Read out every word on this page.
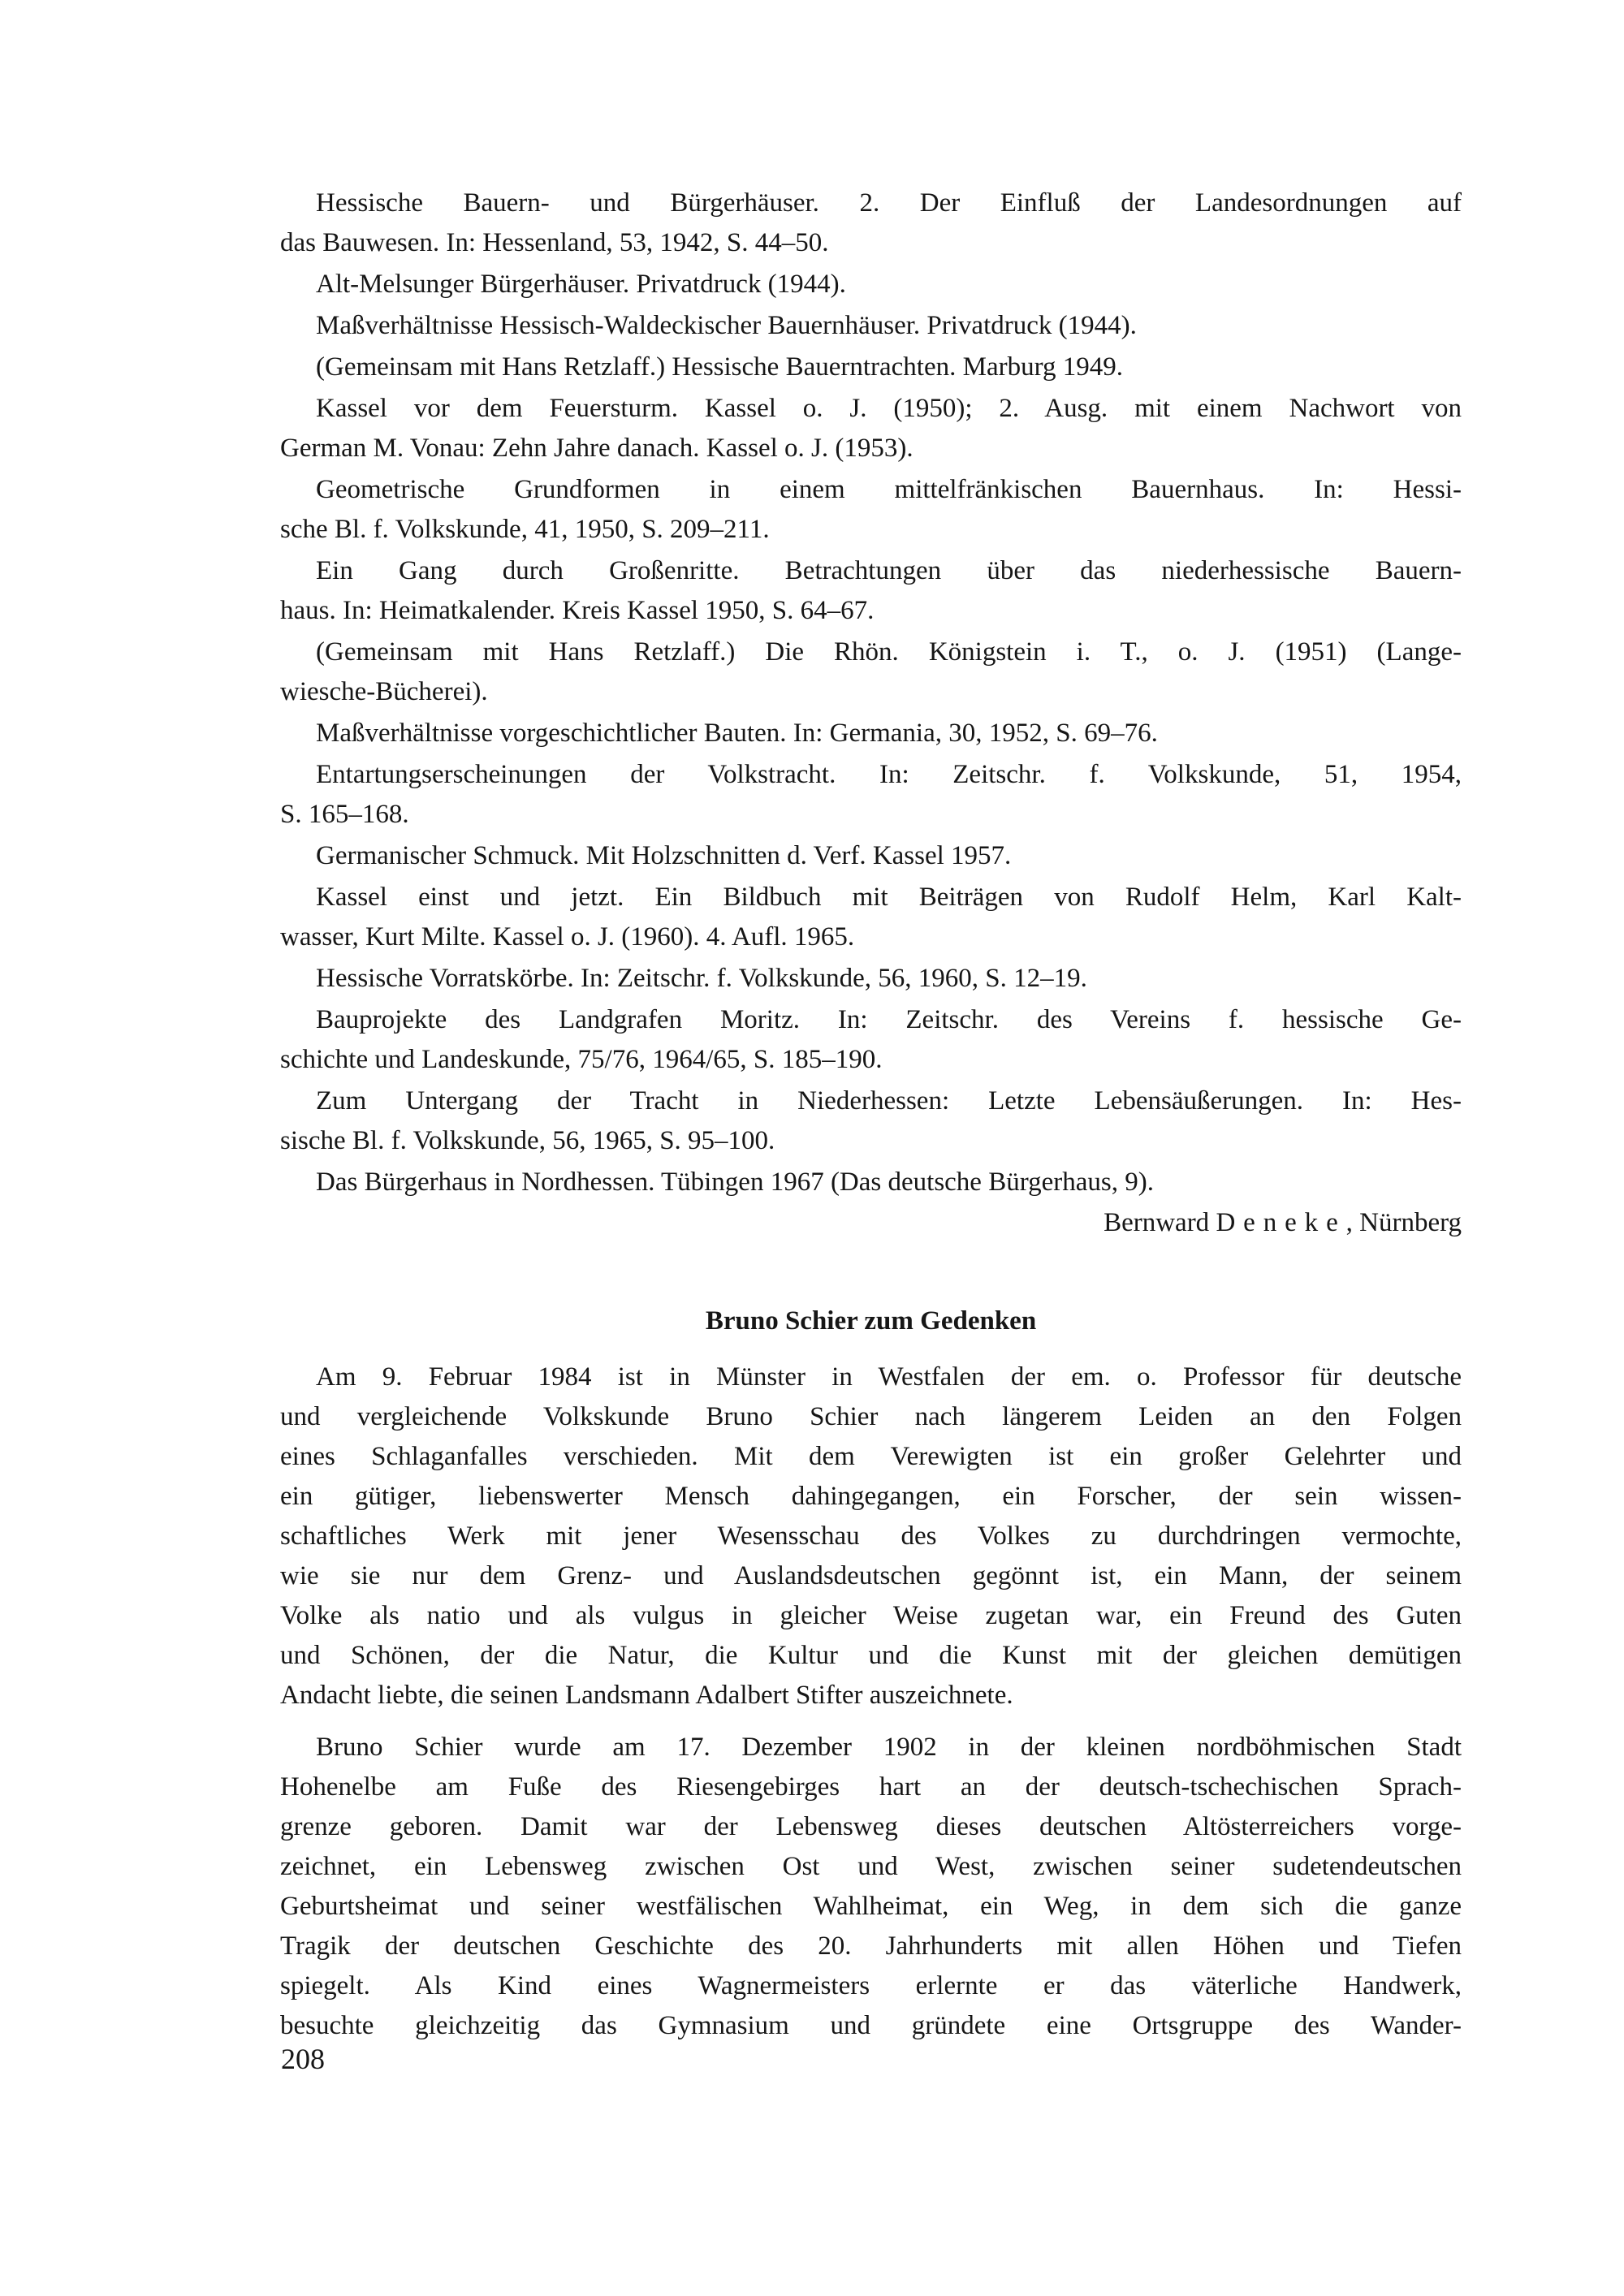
Hessische Bauern- und Bürgerhäuser. 2. Der Einfluß der Landesordnungen auf
das Bauwesen. In: Hessenland, 53, 1942, S. 44–50.
Alt-Melsunger Bürgerhäuser. Privatdruck (1944).
Maßverhältnisse Hessisch-Waldeckischer Bauernhäuser. Privatdruck (1944).
(Gemeinsam mit Hans Retzlaff.) Hessische Bauerntrachten. Marburg 1949.
Kassel vor dem Feuersturm. Kassel o. J. (1950); 2. Ausg. mit einem Nachwort von
German M. Vonau: Zehn Jahre danach. Kassel o. J. (1953).
Geometrische Grundformen in einem mittelfränkischen Bauernhaus. In: Hessi-
sche Bl. f. Volkskunde, 41, 1950, S. 209–211.
Ein Gang durch Großenritte. Betrachtungen über das niederhessische Bauern-
haus. In: Heimatkalender. Kreis Kassel 1950, S. 64–67.
(Gemeinsam mit Hans Retzlaff.) Die Rhön. Königstein i. T., o. J. (1951) (Lange-
wiesche-Bücherei).
Maßverhältnisse vorgeschichtlicher Bauten. In: Germania, 30, 1952, S. 69–76.
Entartungserscheinungen der Volkstracht. In: Zeitschr. f. Volkskunde, 51, 1954,
S. 165–168.
Germanischer Schmuck. Mit Holzschnitten d. Verf. Kassel 1957.
Kassel einst und jetzt. Ein Bildbuch mit Beiträgen von Rudolf Helm, Karl Kalt-
wasser, Kurt Milte. Kassel o. J. (1960). 4. Aufl. 1965.
Hessische Vorratskörbe. In: Zeitschr. f. Volkskunde, 56, 1960, S. 12–19.
Bauprojekte des Landgrafen Moritz. In: Zeitschr. des Vereins f. hessische Ge-
schichte und Landeskunde, 75/76, 1964/65, S. 185–190.
Zum Untergang der Tracht in Niederhessen: Letzte Lebensäußerungen. In: Hes-
sische Bl. f. Volkskunde, 56, 1965, S. 95–100.
Das Bürgerhaus in Nordhessen. Tübingen 1967 (Das deutsche Bürgerhaus, 9).
Bernward Deneke, Nürnberg
Bruno Schier zum Gedenken
Am 9. Februar 1984 ist in Münster in Westfalen der em. o. Professor für deutsche
und vergleichende Volkskunde Bruno Schier nach längerem Leiden an den Folgen
eines Schlaganfalles verschieden. Mit dem Verewigten ist ein großer Gelehrter und
ein gütiger, liebenswerter Mensch dahingegangen, ein Forscher, der sein wissen-
schaftliches Werk mit jener Wesensschau des Volkes zu durchdringen vermochte,
wie sie nur dem Grenz- und Auslandsdeutschen gegönnt ist, ein Mann, der seinem
Volke als natio und als vulgus in gleicher Weise zugetan war, ein Freund des Guten
und Schönen, der die Natur, die Kultur und die Kunst mit der gleichen demütigen
Andacht liebte, die seinen Landsmann Adalbert Stifter auszeichnete.
Bruno Schier wurde am 17. Dezember 1902 in der kleinen nordböhmischen Stadt
Hohenelbe am Fuße des Riesengebirges hart an der deutsch-tschechischen Sprach-
grenze geboren. Damit war der Lebensweg dieses deutschen Altösterreichers vorge-
zeichnet, ein Lebensweg zwischen Ost und West, zwischen seiner sudetendeutschen
Geburtsheimat und seiner westfälischen Wahlheimat, ein Weg, in dem sich die ganze
Tragik der deutschen Geschichte des 20. Jahrhunderts mit allen Höhen und Tiefen
spiegelt. Als Kind eines Wagnermeisters erlernte er das väterliche Handwerk,
besuchte gleichzeitig das Gymnasium und gründete eine Ortsgruppe des Wander-
208
